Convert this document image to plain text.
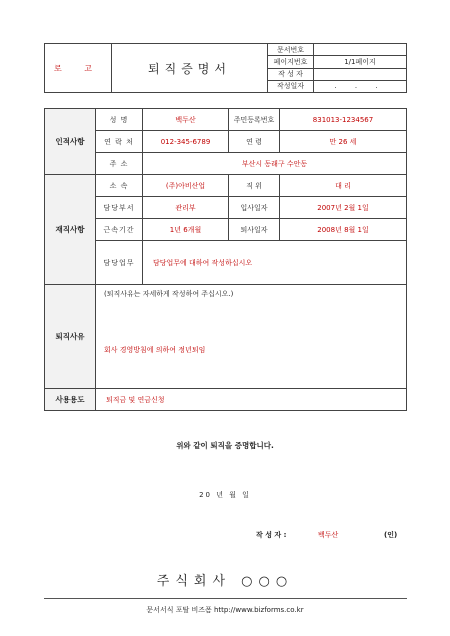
로 고	퇴직증명서	문서번호	
		페이지번호	1/1페이지
		작 성 자	
		작성일자	. . .
인적사항	성 명	백두산	주민등록번호	831013-1234567
	연 락 처	012-345-6789	연 령	만 26 세
	주 소	부산시 동래구 수안동		
재직사항	소 속	(주)아비산업	직 위	대 리
	담당부서	관리부	입사일자	2007년 2월 1일
	근속기간	1년 6개월	퇴사일자	2008년 8월 1일
	담당업무	담당업무에 대하여 작성하십시오		
퇴직사유	(퇴직사유는 자세하게 작성하여 주십시오.)
회사 경영방침에 의하여 정년퇴임			
사용용도	퇴직금 및 연금신청			
위와 같이 퇴직을 증명합니다.
20 년 월 일
작 성 자 :	백두산	(인)
주식회사 ○○○
문서서식 포탈 비즈폼 http://www.bizforms.co.kr
